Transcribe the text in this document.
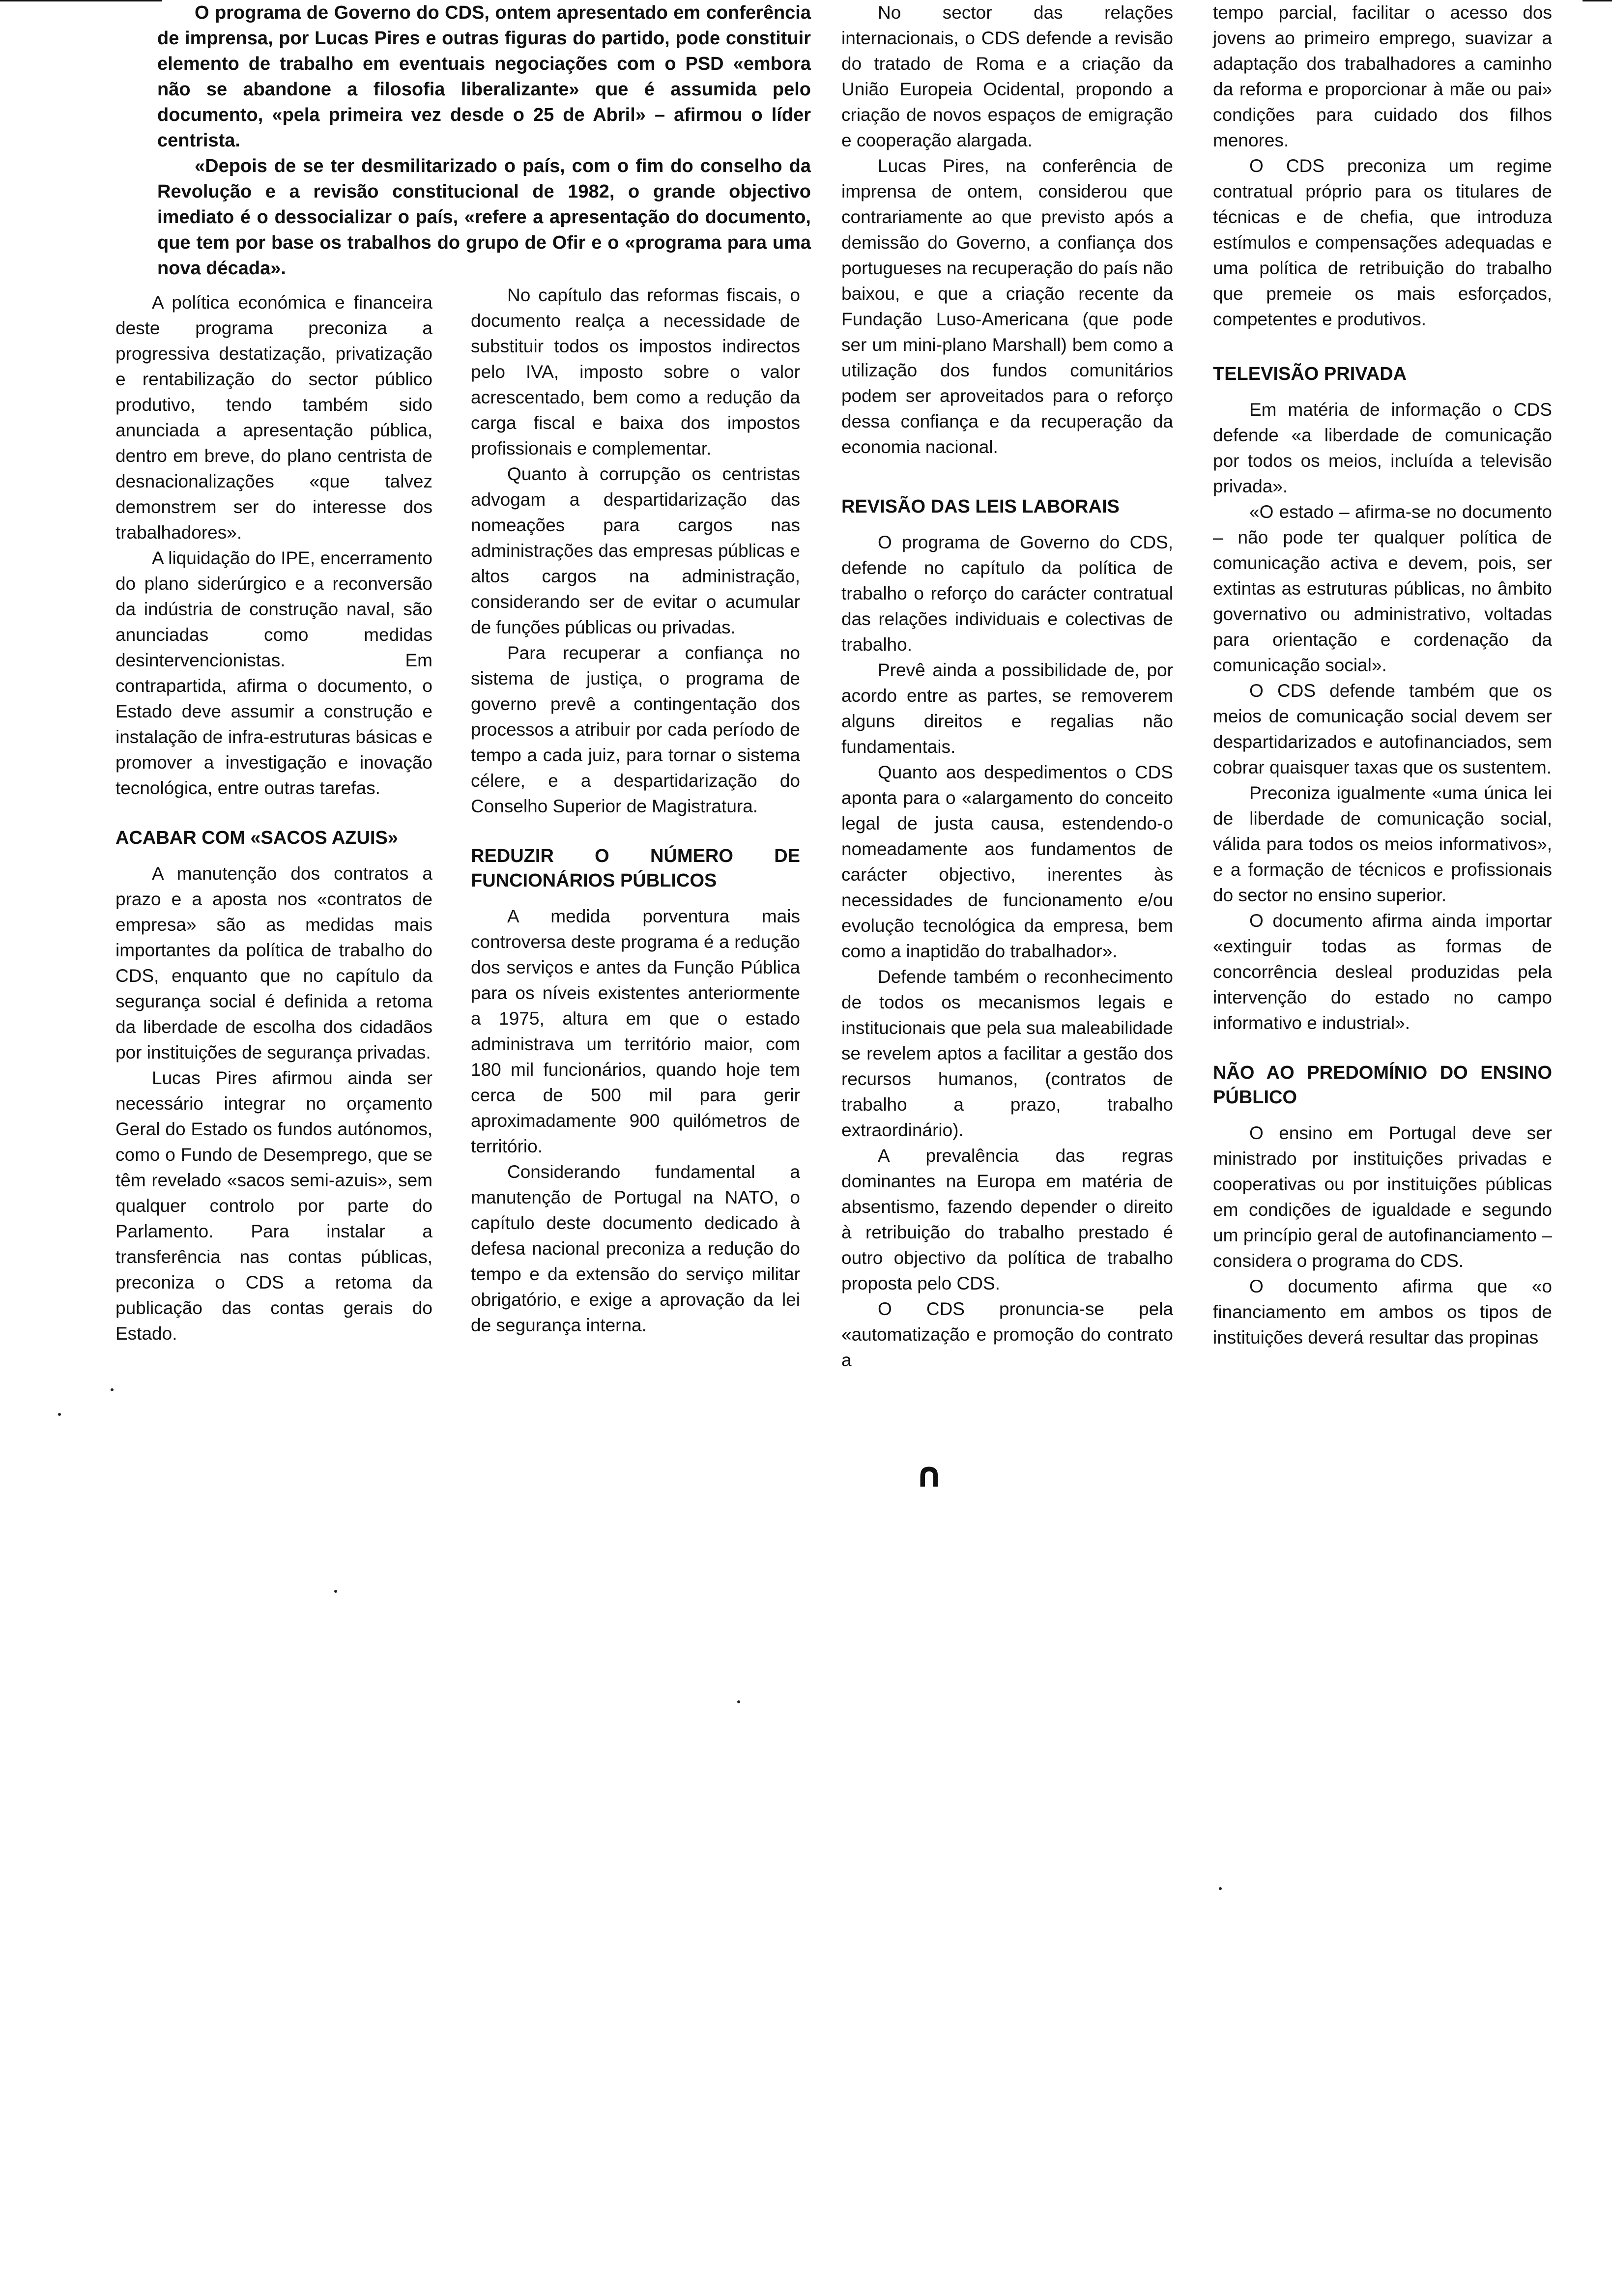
O programa de Governo do CDS, ontem apresentado em conferência de imprensa, por Lucas Pires e outras figuras do partido, pode constituir elemento de trabalho em eventuais negociações com o PSD «embora não se abandone a filosofia liberalizante» que é assumida pelo documento, «pela primeira vez desde o 25 de Abril» – afirmou o líder centrista.

«Depois de se ter desmilitarizado o país, com o fim do conselho da Revolução e a revisão constitucional de 1982, o grande objectivo imediato é o dessocializar o país, «refere a apresentação do documento, que tem por base os trabalhos do grupo de Ofir e o «programa para uma nova década».

A política económica e financeira deste programa preconiza a progressiva destatização, privatização e rentabilização do sector público produtivo, tendo também sido anunciada a apresentação pública, dentro em breve, do plano centrista de desnacionalizações «que talvez demonstrem ser do interesse dos trabalhadores».

A liquidação do IPE, encerramento do plano siderúrgico e a reconversão da indústria de construção naval, são anunciadas como medidas desintervencionistas. Em contrapartida, afirma o documento, o Estado deve assumir a construção e instalação de infra-estruturas básicas e promover a investigação e inovação tecnológica, entre outras tarefas.

ACABAR COM «SACOS AZUIS»

A manutenção dos contratos a prazo e a aposta nos «contratos de empresa» são as medidas mais importantes da política de trabalho do CDS, enquanto que no capítulo da segurança social é definida a retoma da liberdade de escolha dos cidadãos por instituições de segurança privadas.

Lucas Pires afirmou ainda ser necessário integrar no orçamento Geral do Estado os fundos autónomos, como o Fundo de Desemprego, que se têm revelado «sacos semi-azuis», sem qualquer controlo por parte do Parlamento. Para instalar a transferência nas contas públicas, preconiza o CDS a retoma da publicação das contas gerais do Estado.

No capítulo das reformas fiscais, o documento realça a necessidade de substituir todos os impostos indirectos pelo IVA, imposto sobre o valor acrescentado, bem como a redução da carga fiscal e baixa dos impostos profissionais e complementar.

Quanto à corrupção os centristas advogam a despartidarização das nomeações para cargos nas administrações das empresas públicas e altos cargos na administração, considerando ser de evitar o acumular de funções públicas ou privadas.

Para recuperar a confiança no sistema de justiça, o programa de governo prevê a contingentação dos processos a atribuir por cada período de tempo a cada juiz, para tornar o sistema célere, e a despartidarização do Conselho Superior de Magistratura.

REDUZIR O NÚMERO DE FUNCIONÁRIOS PÚBLICOS

A medida porventura mais controversa deste programa é a redução dos serviços e antes da Função Pública para os níveis existentes anteriormente a 1975, altura em que o estado administrava um território maior, com 180 mil funcionários, quando hoje tem cerca de 500 mil para gerir aproximadamente 900 quilómetros de território.

Considerando fundamental a manutenção de Portugal na NATO, o capítulo deste documento dedicado à defesa nacional preconiza a redução do tempo e da extensão do serviço militar obrigatório, e exige a aprovação da lei de segurança interna.

No sector das relações internacionais, o CDS defende a revisão do tratado de Roma e a criação da União Europeia Ocidental, propondo a criação de novos espaços de emigração e cooperação alargada.

Lucas Pires, na conferência de imprensa de ontem, considerou que contrariamente ao que previsto após a demissão do Governo, a confiança dos portugueses na recuperação do país não baixou, e que a criação recente da Fundação Luso-Americana (que pode ser um mini-plano Marshall) bem como a utilização dos fundos comunitários podem ser aproveitados para o reforço dessa confiança e da recuperação da economia nacional.

REVISÃO DAS LEIS LABORAIS

O programa de Governo do CDS, defende no capítulo da política de trabalho o reforço do carácter contratual das relações individuais e colectivas de trabalho.

Prevê ainda a possibilidade de, por acordo entre as partes, se removerem alguns direitos e regalias não fundamentais.

Quanto aos despedimentos o CDS aponta para o «alargamento do conceito legal de justa causa, estendendo-o nomeadamente aos fundamentos de carácter objectivo, inerentes às necessidades de funcionamento e/ou evolução tecnológica da empresa, bem como a inaptidão do trabalhador».

Defende também o reconhecimento de todos os mecanismos legais e institucionais que pela sua maleabilidade se revelem aptos a facilitar a gestão dos recursos humanos, (contratos de trabalho a prazo, trabalho extraordinário).

A prevalência das regras dominantes na Europa em matéria de absentismo, fazendo depender o direito à retribuição do trabalho prestado é outro objectivo da política de trabalho proposta pelo CDS.

O CDS pronuncia-se pela «automatização e promoção do contrato a

tempo parcial, facilitar o acesso dos jovens ao primeiro emprego, suavizar a adaptação dos trabalhadores a caminho da reforma e proporcionar à mãe ou pai» condições para cuidado dos filhos menores.

O CDS preconiza um regime contratual próprio para os titulares de técnicas e de chefia, que introduza estímulos e compensações adequadas e uma política de retribuição do trabalho que premeie os mais esforçados, competentes e produtivos.

TELEVISÃO PRIVADA

Em matéria de informação o CDS defende «a liberdade de comunicação por todos os meios, incluída a televisão privada».

«O estado – afirma-se no documento – não pode ter qualquer política de comunicação activa e devem, pois, ser extintas as estruturas públicas, no âmbito governativo ou administrativo, voltadas para orientação e cordenação da comunicação social».

O CDS defende também que os meios de comunicação social devem ser despartidarizados e autofinanciados, sem cobrar quaisquer taxas que os sustentem.

Preconiza igualmente «uma única lei de liberdade de comunicação social, válida para todos os meios informativos», e a formação de técnicos e profissionais do sector no ensino superior.

O documento afirma ainda importar «extinguir todas as formas de concorrência desleal produzidas pela intervenção do estado no campo informativo e industrial».

NÃO AO PREDOMÍNIO DO ENSINO PÚBLICO

O ensino em Portugal deve ser ministrado por instituições privadas e cooperativas ou por instituições públicas em condições de igualdade e segundo um princípio geral de autofinanciamento – considera o programa do CDS.

O documento afirma que «o financiamento em ambos os tipos de instituições deverá resultar das propinas

∩
